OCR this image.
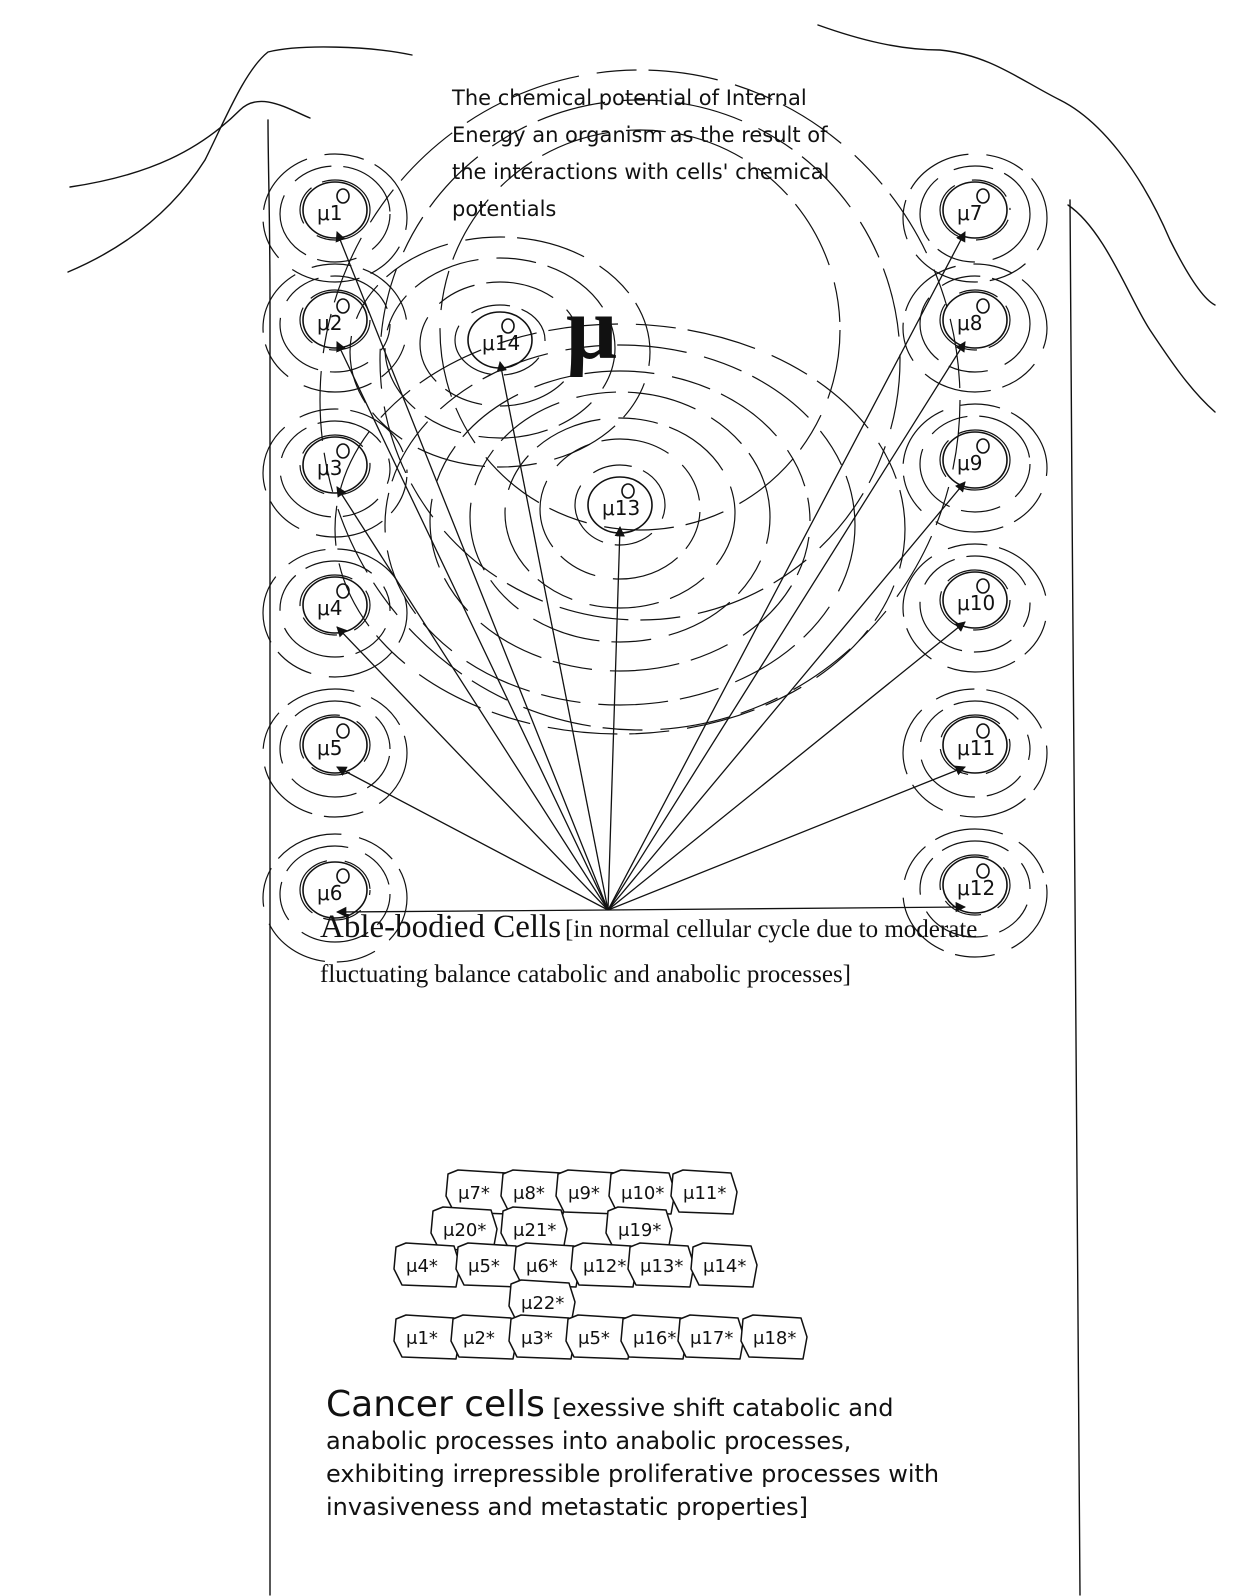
μ1
μ2
μ3
μ4
μ5
μ6
μ7
μ8
μ9
μ10
μ11
μ12
μ13
μ14 μ
μ7* μ8* μ9* μ10* μ11*
μ20* μ21*	μ19*
μ4* μ5* μ6* μ12* μ13* μ14*
μ22*
μ1* μ2* μ3* μ5* μ16* μ17* μ18*
The chemical potential of Internal Energy an organism as the result of the interactions with cells' chemical potentials
Able-bodied Cells [in normal cellular cycle due to moderate fluctuating balance catabolic and anabolic processes]
Cancer cells [exessive shift catabolic and anabolic processes into anabolic processes, exhibiting irrepressible proliferative processes with invasiveness and metastatic properties]
